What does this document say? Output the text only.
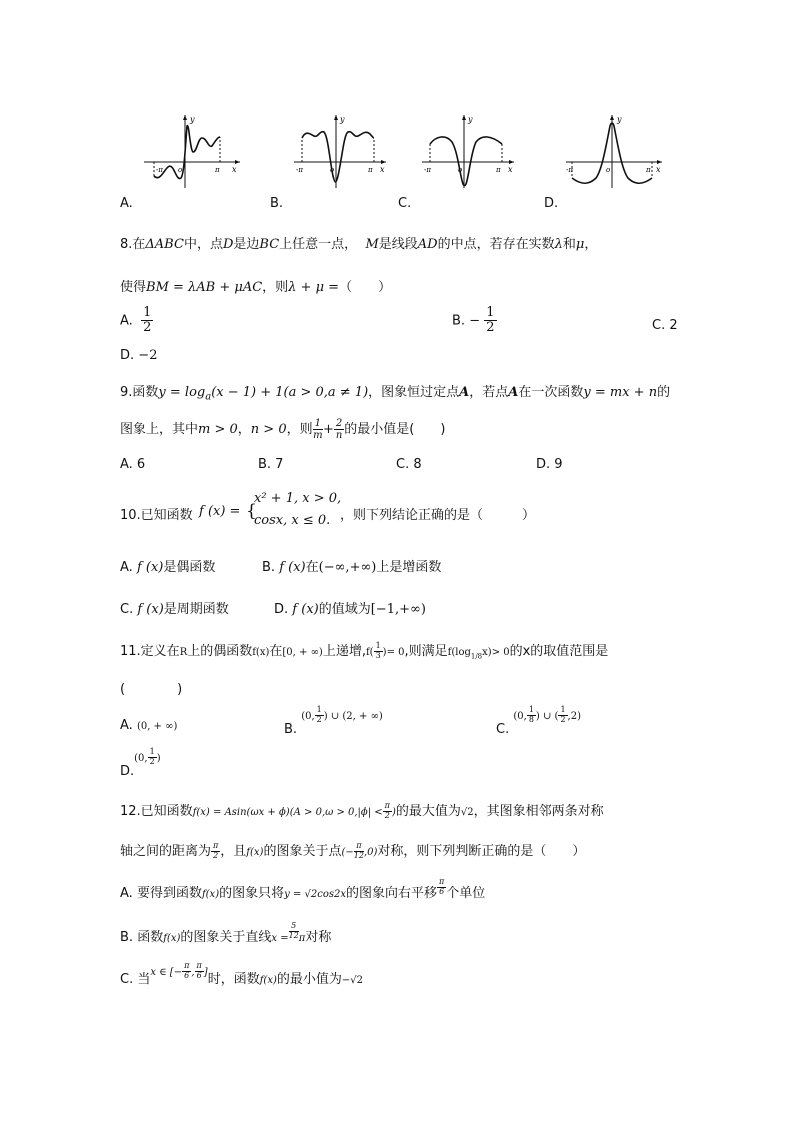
y
x
o
-π	π
y
x
o
-π	π
y
x
o
-π	π
y
x
o
-π	π
A.	B.	C.	D.
8.在ΔABC中，点D是边BC上任意一点， M是线段AD的中点，若存在实数λ和μ，
使得BM = λAB + μAC，则λ + μ =（　　）
A. $\frac{1}{2}$	B. − $\frac{1}{2}$	C. 2
D. −2
9.函数$y = \log_a(x - 1) + 1(a > 0,a \ne 1)$，图象恒过定点A，若点A在一次函数y = mx + n的
图象上，其中m > 0，n > 0，则 $\frac{1}{m} + \frac{2}{n}$ 的最小值是(　　)
A. 6	B. 7	C. 8	D. 9
10.已知函数 f (x) = {
x² + 1, x > 0,
cosx, x ≤ 0. ，则下列结论正确的是（　　　）
A. f (x)是偶函数	B. f (x)在(−∞,+∞)上是增函数
C. f (x)是周期函数	D. f (x)的值域为[−1,+∞)
11.定义在R上的偶函数f(x)在[0, + ∞)上递增$,f( \frac{1}{3}$ )= 0,则满足$f(\log_{1/8}x)> 0$的x的取值范围是
(　　　　)
A. (0, + ∞)	B. (0, $\frac{1}{2}$ ) ∪ (2, + ∞)
C. (0, $\frac{1}{8}$ ) ∪ ( $\frac{1}{2} ,2$)
D.(0, $\frac{1}{2}$ )
12.已知函数$f(x) = Asin(\omega x + \phi)(A > 0,\omega > 0,|\phi| < \frac{\pi}{2}$ )的最大值为√2，其图象相邻两条对称
轴之间的距离为 $\frac{\pi}{2}$ ，且f(x)的图象关于点(− $\frac{\pi}{12} ,0$)对称，则下列判断正确的是（　　）
A. 要得到函数f(x)的图象只将y = √2cos2x的图象向右平移 $\frac{\pi}{6}$ 个单位
B. 函数f(x)的图象关于直线$x = \frac{5}{12}$ π对称
C. 当$^{x \in [-} \frac{\pi}{6} ^, \frac{\pi}{6} ^]$时，函数f(x)的最小值为−√2
